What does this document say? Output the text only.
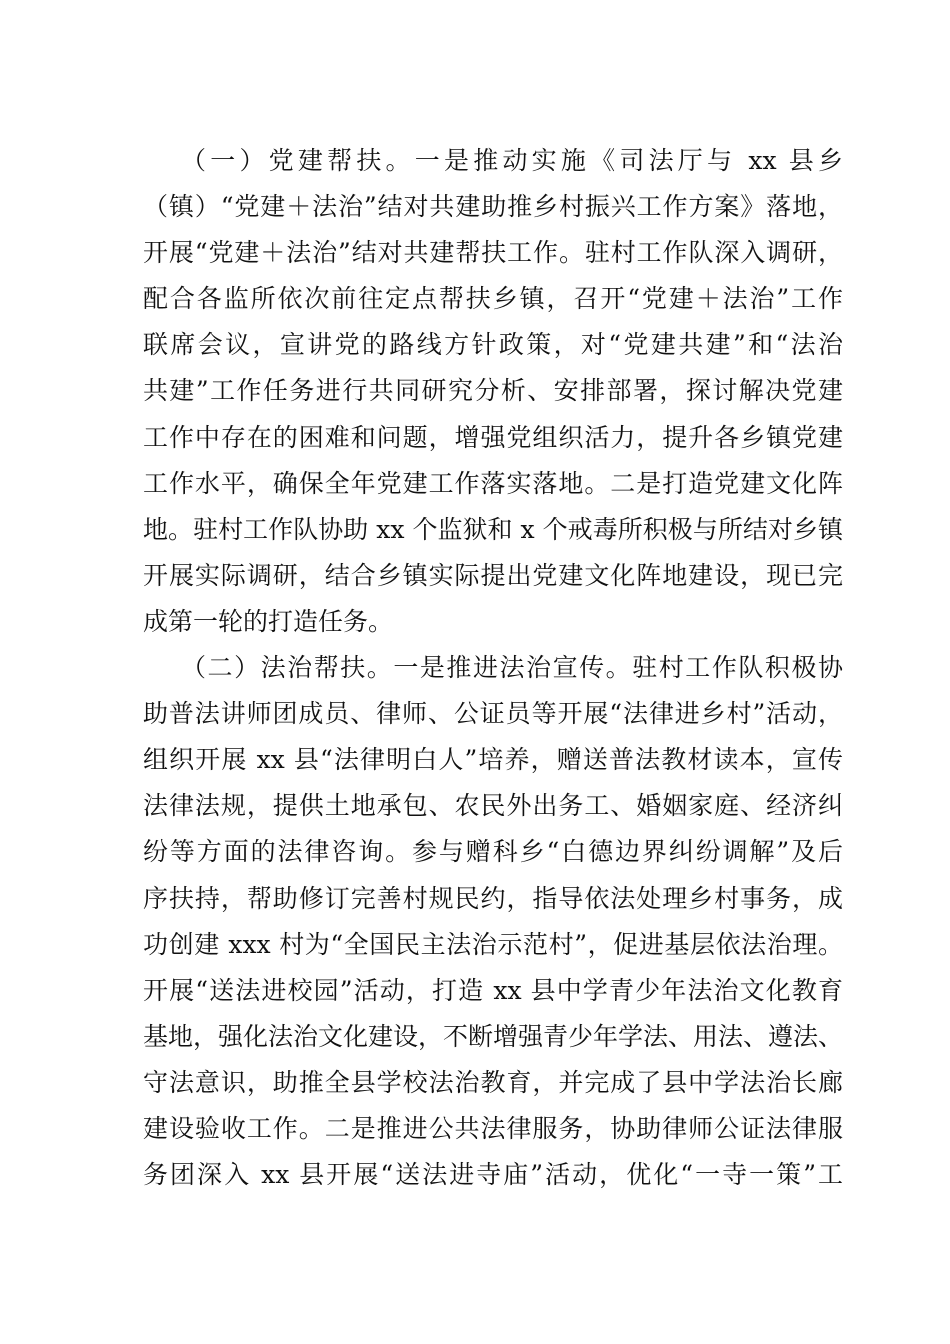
（一）党建帮扶。一是推动实施《司法厅与 xx 县乡
（镇）“党建＋法治”结对共建助推乡村振兴工作方案》落地，
开展“党建＋法治”结对共建帮扶工作。驻村工作队深入调研，
配合各监所依次前往定点帮扶乡镇，召开“党建＋法治”工作
联席会议，宣讲党的路线方针政策，对“党建共建”和“法治
共建”工作任务进行共同研究分析、安排部署，探讨解决党建
工作中存在的困难和问题，增强党组织活力，提升各乡镇党建
工作水平，确保全年党建工作落实落地。二是打造党建文化阵
地。驻村工作队协助 xx 个监狱和 x 个戒毒所积极与所结对乡镇
开展实际调研，结合乡镇实际提出党建文化阵地建设，现已完
成第一轮的打造任务。
（二）法治帮扶。一是推进法治宣传。驻村工作队积极协
助普法讲师团成员、律师、公证员等开展“法律进乡村”活动，
组织开展 xx 县“法律明白人”培养，赠送普法教材读本，宣传
法律法规，提供土地承包、农民外出务工、婚姻家庭、经济纠
纷等方面的法律咨询。参与赠科乡“白德边界纠纷调解”及后
序扶持，帮助修订完善村规民约，指导依法处理乡村事务，成
功创建 xxx 村为“全国民主法治示范村”，促进基层依法治理。
开展“送法进校园”活动，打造 xx 县中学青少年法治文化教育
基地，强化法治文化建设，不断增强青少年学法、用法、遵法、
守法意识，助推全县学校法治教育，并完成了县中学法治长廊
建设验收工作。二是推进公共法律服务，协助律师公证法律服
务团深入 xx 县开展“送法进寺庙”活动，优化“一寺一策”工
